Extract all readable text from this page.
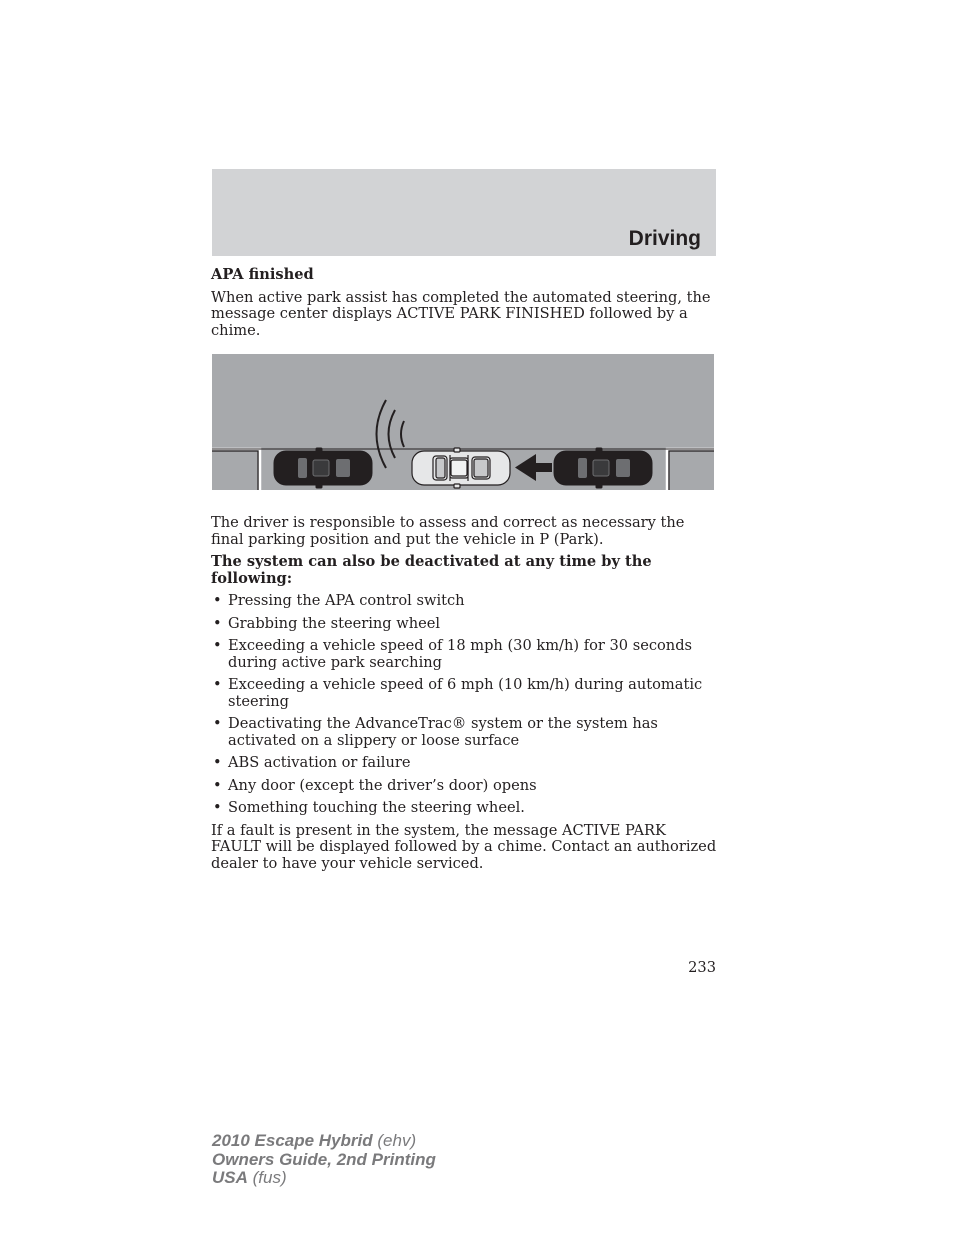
Driving

APA finished

When active park assist has completed the automated steering, the message center displays ACTIVE PARK FINISHED followed by a chime.

The driver is responsible to assess and correct as necessary the final parking position and put the vehicle in P (Park).

The system can also be deactivated at any time by the following:

• Pressing the APA control switch
• Grabbing the steering wheel
• Exceeding a vehicle speed of 18 mph (30 km/h) for 30 seconds during active park searching
• Exceeding a vehicle speed of 6 mph (10 km/h) during automatic steering
• Deactivating the AdvanceTrac® system or the system has activated on a slippery or loose surface
• ABS activation or failure
• Any door (except the driver’s door) opens
• Something touching the steering wheel.

If a fault is present in the system, the message ACTIVE PARK FAULT will be displayed followed by a chime. Contact an authorized dealer to have your vehicle serviced.

233
2010 Escape Hybrid (ehv)
Owners Guide, 2nd Printing
USA (fus)
